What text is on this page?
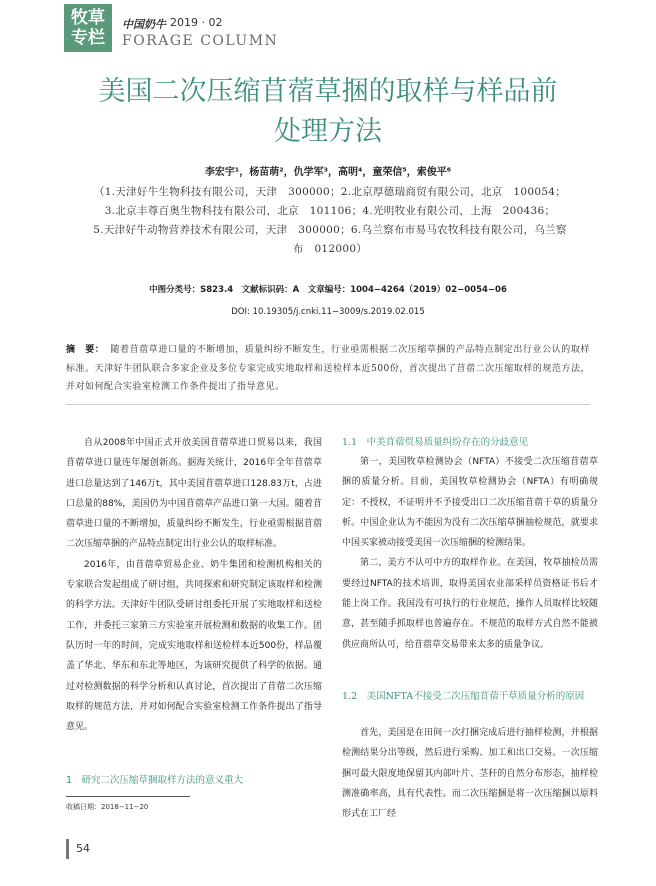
牧草
专栏
中国奶牛 2019 · 02
FORAGE COLUMN
美国二次压缩苜蓿草捆的取样与样品前
处理方法
李宏宇¹，杨苗萌²，仇学军³，高明⁴，童荣信⁵，索俊平⁶
（1.天津好牛生物科技有限公司，天津　300000；2.北京厚德瑞商贸有限公司，北京　100054；
3.北京丰尊百奥生物科技有限公司，北京　101106；4.光明牧业有限公司，上海　200436；
5.天津好牛动物营养技术有限公司，天津　300000；6.乌兰察布市易马农牧科技有限公司，乌兰察
布　012000）
中图分类号：S823.4　文献标识码：A　文章编号：1004−4264（2019）02−0054−06
DOI: 10.19305/j.cnki.11−3009/s.2019.02.015
摘　要： 随着苜蓿草进口量的不断增加，质量纠纷不断发生，行业亟需根据二次压缩草捆的产品特点制定出行业公认的取样标准。天津好牛团队联合多家企业及多位专家完成实地取样和送检样本近500份，首次提出了苜蓿二次压缩取样的规范方法，并对如何配合实验室检测工作条件提出了指导意见。

自从2008年中国正式开放美国苜蓿草进口贸易以来，我国苜蓿草进口量连年屡创新高。据海关统计，2016年全年苜蓿草进口总量达到了146万t，其中美国苜蓿草进口128.83万t，占进口总量的88%，美国仍为中国苜蓿草产品进口第一大国。随着苜蓿草进口量的不断增加，质量纠纷不断发生，行业亟需根据苜蓿二次压缩草捆的产品特点制定出行业公认的取样标准。

2016年，由苜蓿草贸易企业、奶牛集团和检测机构相关的专家联合发起组成了研讨组，共同探索和研究制定该取样和检测的科学方法。天津好牛团队受研讨组委托开展了实地取样和送检工作，并委托三家第三方实验室开展检测和数据的收集工作。团队历时一年的时间，完成实地取样和送检样本近500份，样品覆盖了华北、华东和东北等地区，为该研究提供了科学的依据。通过对检测数据的科学分析和认真讨论，首次提出了苜蓿二次压缩取样的规范方法，并对如何配合实验室检测工作条件提出了指导意见。

1　研究二次压缩草捆取样方法的意义重大
1.1　中美苜蓿贸易质量纠纷存在的分歧意见

第一，美国牧草检测协会（NFTA）不接受二次压缩苜蓿草捆的质量分析。目前，美国牧草检测协会（NFTA）有明确规定：不授权，不证明并不予接受出口二次压缩苜蓿干草的质量分析。中国企业认为不能因为没有二次压缩草捆抽检规范，就要求中国买家被动接受美国一次压缩捆的检测结果。

第二，美方不认可中方的取样作业。在美国，牧草抽检员需要经过NFTA的技术培训，取得美国农业部采样员资格证书后才能上岗工作。我国没有可执行的行业规范，操作人员取样比较随意，甚至随手抓取样也普遍存在。不规范的取样方式自然不能被供应商所认可，给苜蓿草交易带来太多的质量争议。

1.2　美国NFTA不接受二次压缩苜蓿干草质量分析的原因

首先，美国是在田间一次打捆完成后进行抽样检测，并根据检测结果分出等级，然后进行采购、加工和出口交易。一次压缩捆可最大限度地保留其内部叶片、茎秆的自然分布形态，抽样检测准确率高，具有代表性。而二次压缩捆是将一次压缩捆以原料形式在工厂经

收稿日期：2018−11−20
54
